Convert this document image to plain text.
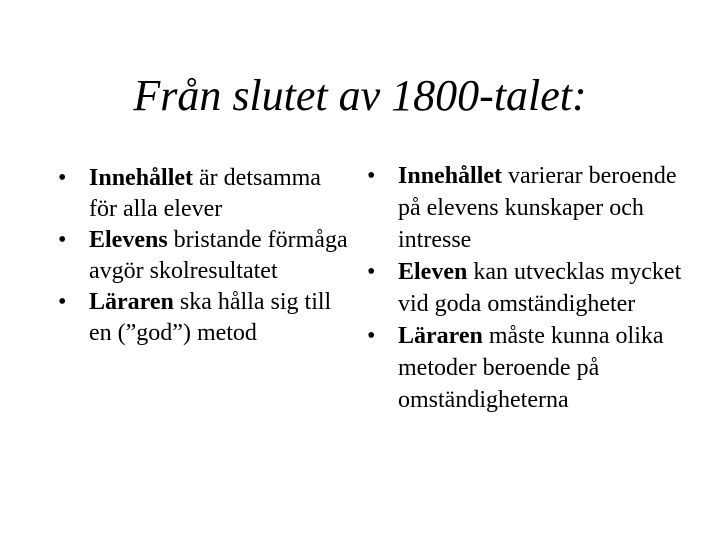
Från slutet av 1800-talet:
• Innehållet är detsamma för alla elever
• Elevens bristande förmåga avgör skolresultatet
• Läraren ska hålla sig till en (”god”) metod
• Innehållet varierar beroende på elevens kunskaper och intresse
• Eleven kan utvecklas mycket vid goda omständigheter
• Läraren måste kunna olika metoder beroende på omständigheterna
